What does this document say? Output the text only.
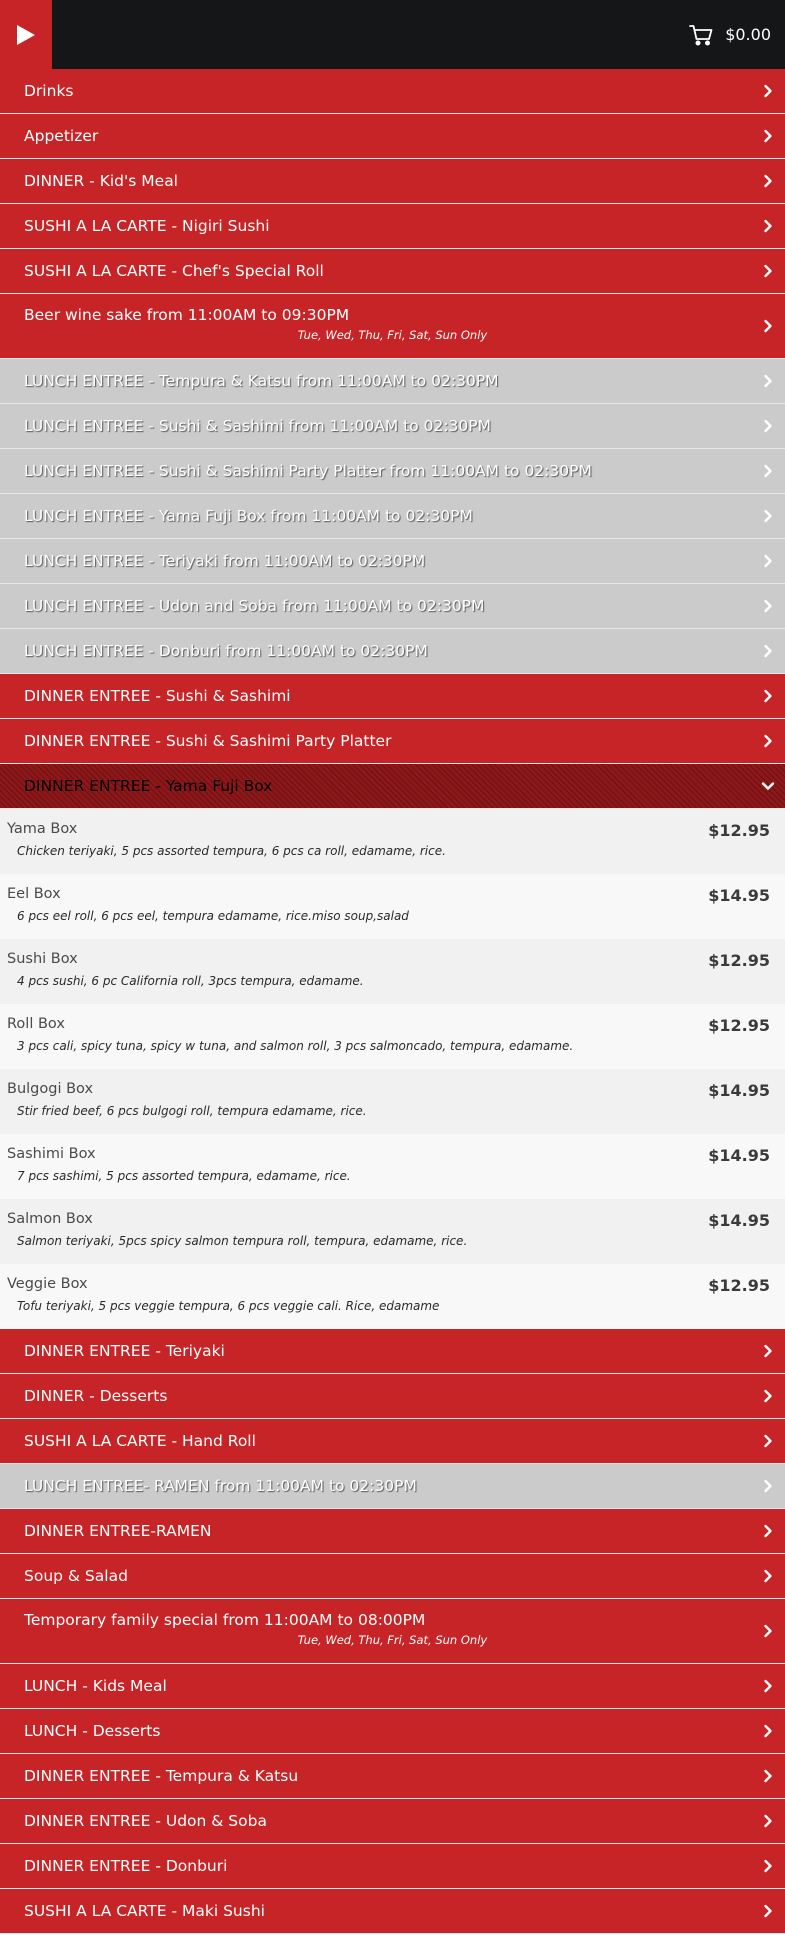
$0.00
Drinks
Appetizer
DINNER - Kid's Meal
SUSHI A LA CARTE - Nigiri Sushi
SUSHI A LA CARTE - Chef's Special Roll
Beer wine sake from 11:00AM to 09:30PM
Tue, Wed, Thu, Fri, Sat, Sun Only
LUNCH ENTREE - Tempura & Katsu from 11:00AM to 02:30PM
LUNCH ENTREE - Sushi & Sashimi from 11:00AM to 02:30PM
LUNCH ENTREE - Sushi & Sashimi Party Platter from 11:00AM to 02:30PM
LUNCH ENTREE - Yama Fuji Box from 11:00AM to 02:30PM
LUNCH ENTREE - Teriyaki from 11:00AM to 02:30PM
LUNCH ENTREE - Udon and Soba from 11:00AM to 02:30PM
LUNCH ENTREE - Donburi from 11:00AM to 02:30PM
DINNER ENTREE - Sushi & Sashimi
DINNER ENTREE - Sushi & Sashimi Party Platter
DINNER ENTREE - Yama Fuji Box
Yama Box
Chicken teriyaki, 5 pcs assorted tempura, 6 pcs ca roll, edamame, rice.
$12.95
Eel Box
6 pcs eel roll, 6 pcs eel, tempura edamame, rice.miso soup,salad
$14.95
Sushi Box
4 pcs sushi, 6 pc California roll, 3pcs tempura, edamame.
$12.95
Roll Box
3 pcs cali, spicy tuna, spicy w tuna, and salmon roll, 3 pcs salmoncado, tempura, edamame.
$12.95
Bulgogi Box
Stir fried beef, 6 pcs bulgogi roll, tempura edamame, rice.
$14.95
Sashimi Box
7 pcs sashimi, 5 pcs assorted tempura, edamame, rice.
$14.95
Salmon Box
Salmon teriyaki, 5pcs spicy salmon tempura roll, tempura, edamame, rice.
$14.95
Veggie Box
Tofu teriyaki, 5 pcs veggie tempura, 6 pcs veggie cali. Rice, edamame
$12.95
DINNER ENTREE - Teriyaki
DINNER - Desserts
SUSHI A LA CARTE - Hand Roll
LUNCH ENTREE- RAMEN from 11:00AM to 02:30PM
DINNER ENTREE-RAMEN
Soup & Salad
Temporary family special from 11:00AM to 08:00PM
Tue, Wed, Thu, Fri, Sat, Sun Only
LUNCH - Kids Meal
LUNCH - Desserts
DINNER ENTREE - Tempura & Katsu
DINNER ENTREE - Udon & Soba
DINNER ENTREE - Donburi
SUSHI A LA CARTE - Maki Sushi
